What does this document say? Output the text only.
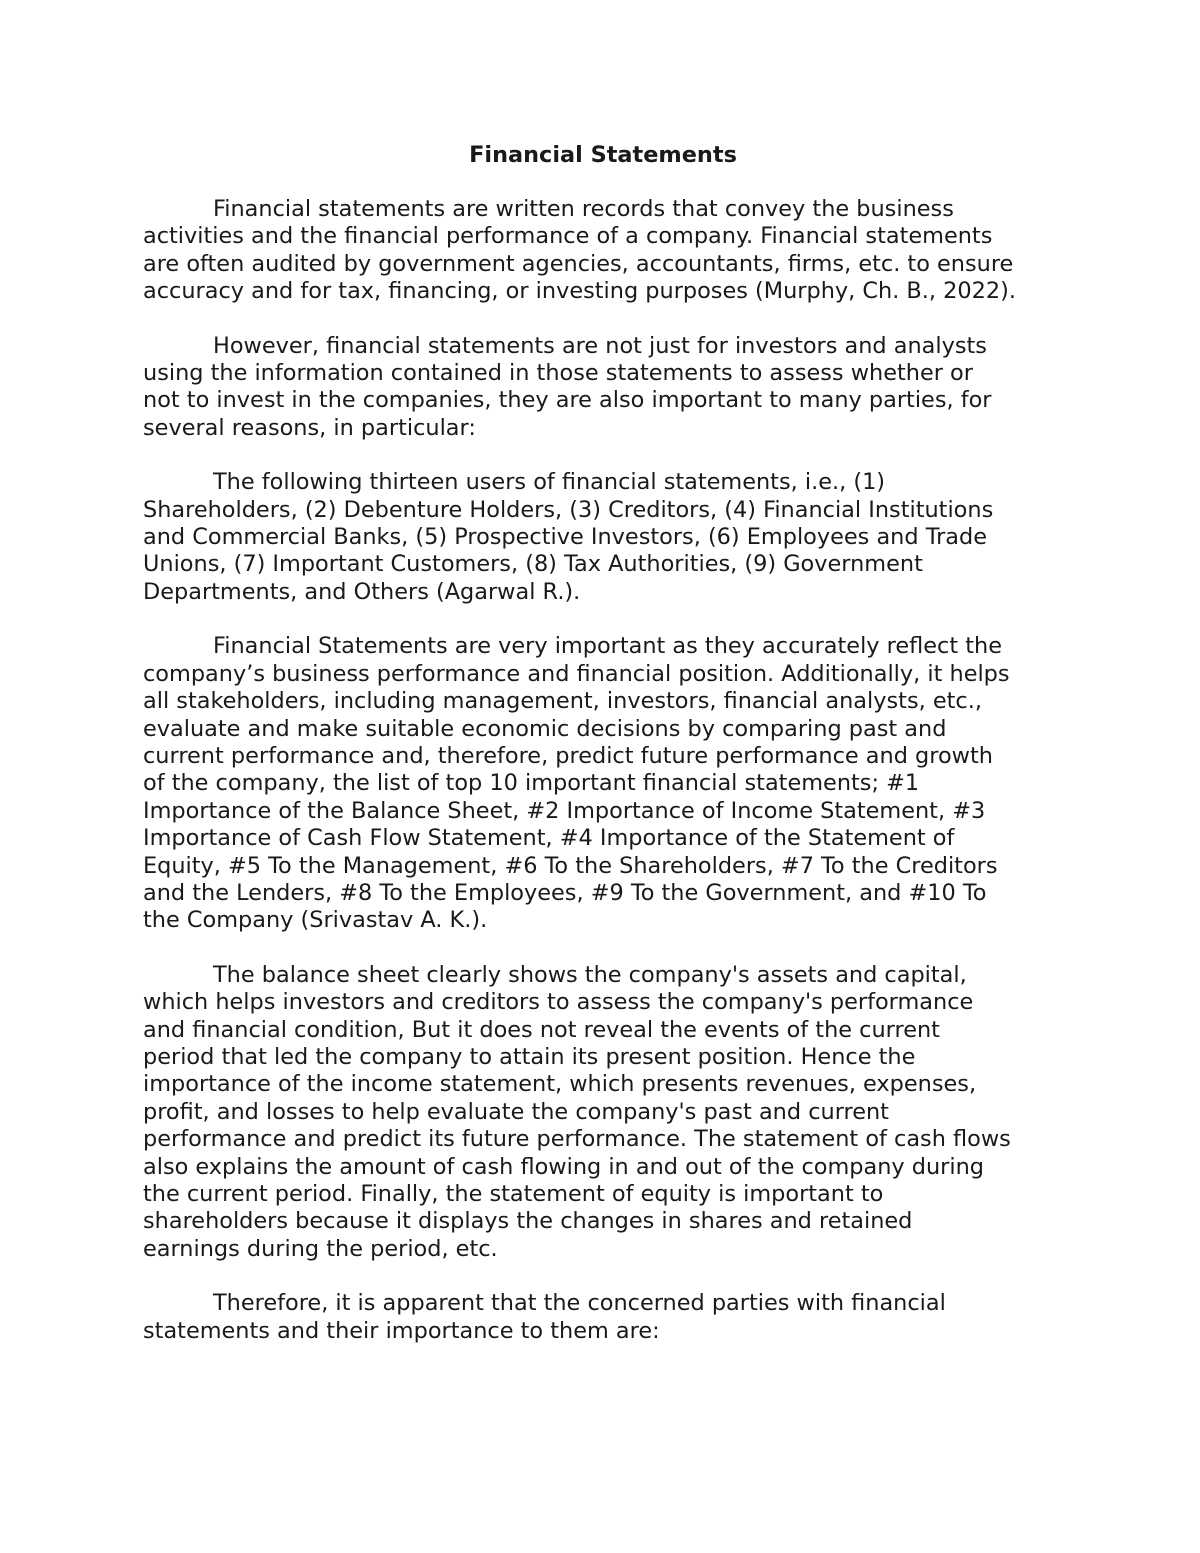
Financial Statements

Financial statements are written records that convey the business
activities and the financial performance of a company. Financial statements
are often audited by government agencies, accountants, firms, etc. to ensure
accuracy and for tax, financing, or investing purposes (Murphy, Ch. B., 2022).

However, financial statements are not just for investors and analysts
using the information contained in those statements to assess whether or
not to invest in the companies, they are also important to many parties, for
several reasons, in particular:

The following thirteen users of financial statements, i.e., (1)
Shareholders, (2) Debenture Holders, (3) Creditors, (4) Financial Institutions
and Commercial Banks, (5) Prospective Investors, (6) Employees and Trade
Unions, (7) Important Customers, (8) Tax Authorities, (9) Government
Departments, and Others (Agarwal R.).

Financial Statements are very important as they accurately reflect the
company’s business performance and financial position. Additionally, it helps
all stakeholders, including management, investors, financial analysts, etc.,
evaluate and make suitable economic decisions by comparing past and
current performance and, therefore, predict future performance and growth
of the company, the list of top 10 important financial statements; #1
Importance of the Balance Sheet, #2 Importance of Income Statement, #3
Importance of Cash Flow Statement, #4 Importance of the Statement of
Equity, #5 To the Management, #6 To the Shareholders, #7 To the Creditors
and the Lenders, #8 To the Employees, #9 To the Government, and #10 To
the Company (Srivastav A. K.).

The balance sheet clearly shows the company's assets and capital,
which helps investors and creditors to assess the company's performance
and financial condition, But it does not reveal the events of the current
period that led the company to attain its present position. Hence the
importance of the income statement, which presents revenues, expenses,
profit, and losses to help evaluate the company's past and current
performance and predict its future performance. The statement of cash flows
also explains the amount of cash flowing in and out of the company during
the current period. Finally, the statement of equity is important to
shareholders because it displays the changes in shares and retained
earnings during the period, etc.

Therefore, it is apparent that the concerned parties with financial
statements and their importance to them are:
